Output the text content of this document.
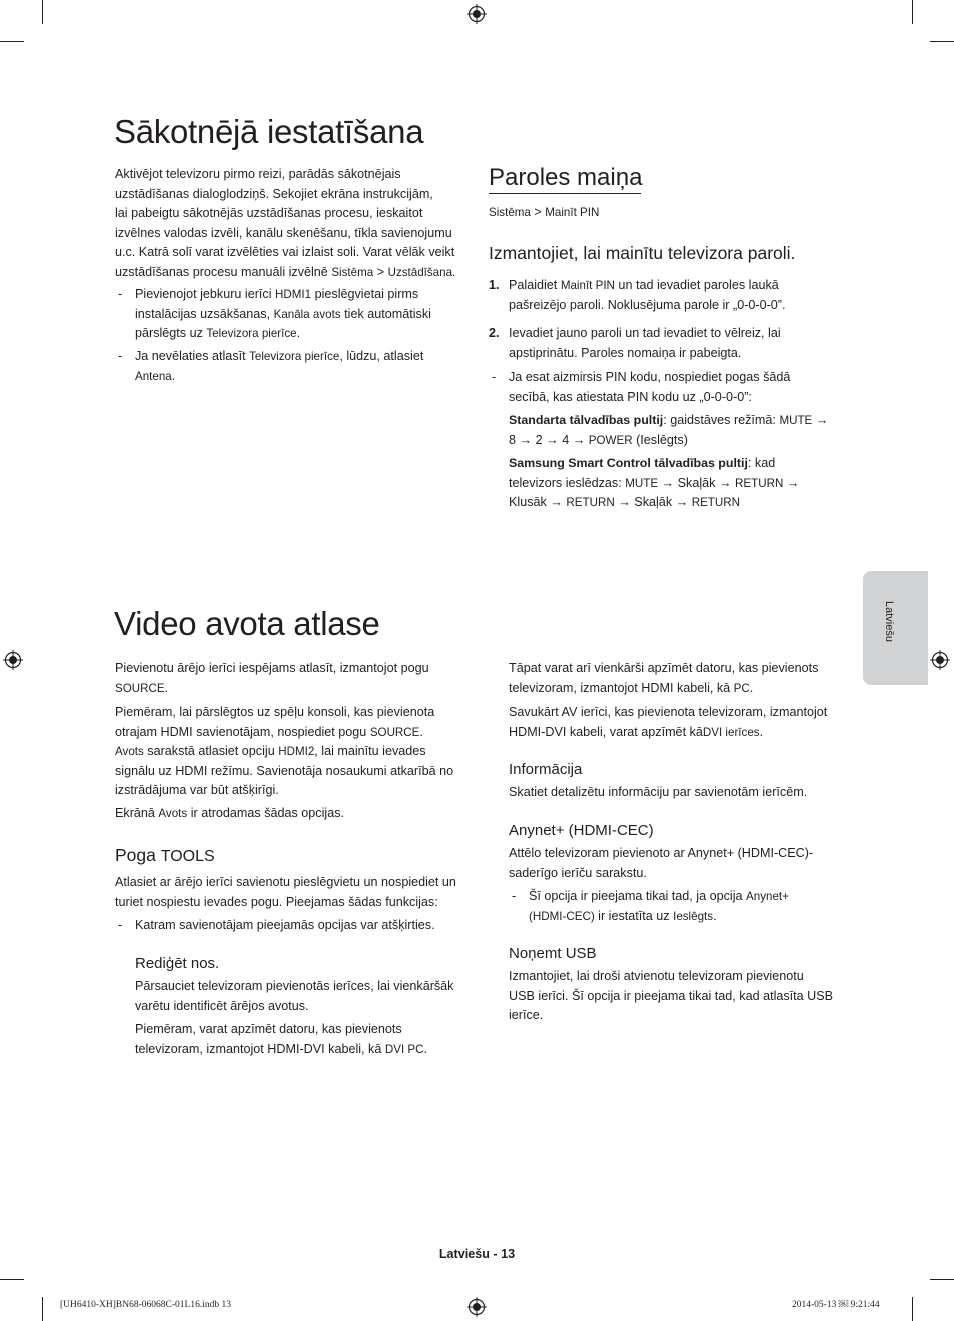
Latviešu
Sākotnējā iestatīšana
Aktivējot televizoru pirmo reizi, parādās sākotnējais
uzstādīšanas dialoglodziņš. Sekojiet ekrāna instrukcijām,
lai pabeigtu sākotnējās uzstādīšanas procesu, ieskaitot
izvēlnes valodas izvēli, kanālu skenēšanu, tīkla savienojumu
u.c. Katrā solī varat izvēlēties vai izlaist soli. Varat vēlāk veikt
uzstādīšanas procesu manuāli izvēlnē Sistēma > Uzstādīšana.
- Pievienojot jebkuru ierīci HDMI1 pieslēgvietai pirms
instalācijas uzsākšanas, Kanāla avots tiek automātiski
pārslēgts uz Televizora pierīce.
- Ja nevēlaties atlasīt Televizora pierīce, lūdzu, atlasiet
Antena.
Paroles maiņa
Sistēma > Mainīt PIN
Izmantojiet, lai mainītu televizora paroli.
1. Palaidiet Mainīt PIN un tad ievadiet paroles laukā
pašreizējo paroli. Noklusējuma parole ir „0-0-0-0”.
2. Ievadiet jauno paroli un tad ievadiet to vēlreiz, lai
apstiprinātu. Paroles nomaiņa ir pabeigta.
- Ja esat aizmirsis PIN kodu, nospiediet pogas šādā
secībā, kas atiestata PIN kodu uz „0-0-0-0”:
Standarta tālvadības pultij: gaidstāves režīmā: MUTE →
8 → 2 → 4 → POWER (Ieslēgts)
Samsung Smart Control tālvadības pultij: kad
televizors ieslēdzas: MUTE → Skaļāk → RETURN →
Klusāk → RETURN → Skaļāk → RETURN
Video avota atlase
Pievienotu ārējo ierīci iespējams atlasīt, izmantojot pogu
SOURCE.
Piemēram, lai pārslēgtos uz spēļu konsoli, kas pievienota
otrajam HDMI savienotājam, nospiediet pogu SOURCE.
Avots sarakstā atlasiet opciju HDMI2, lai mainītu ievades
signālu uz HDMI režīmu. Savienotāja nosaukumi atkarībā no
izstrādājuma var būt atšķirīgi.
Ekrānā Avots ir atrodamas šādas opcijas.
Poga TOOLS
Atlasiet ar ārējo ierīci savienotu pieslēgvietu un nospiediet un
turiet nospiestu ievades pogu. Pieejamas šādas funkcijas:
- Katram savienotājam pieejamās opcijas var atšķirties.
Rediģēt nos.
Pārsauciet televizoram pievienotās ierīces, lai vienkāršāk
varētu identificēt ārējos avotus.
Piemēram, varat apzīmēt datoru, kas pievienots
televizoram, izmantojot HDMI-DVI kabeli, kā DVI PC.
Tāpat varat arī vienkārši apzīmēt datoru, kas pievienots
televizoram, izmantojot HDMI kabeli, kā PC.
Savukārt AV ierīci, kas pievienota televizoram, izmantojot
HDMI-DVI kabeli, varat apzīmēt kāDVI ierīces.
Informācija
Skatiet detalizētu informāciju par savienotām ierīcēm.
Anynet+ (HDMI-CEC)
Attēlo televizoram pievienoto ar Anynet+ (HDMI-CEC)-
saderīgo ierīču sarakstu.
- Šī opcija ir pieejama tikai tad, ja opcija Anynet+
(HDMI-CEC) ir iestatīta uz Ieslēgts.
Noņemt USB
Izmantojiet, lai droši atvienotu televizoram pievienotu
USB ierīci. Šī opcija ir pieejama tikai tad, kad atlasīta USB
ierīce.
Latviešu - 13
[UH6410-XH]BN68-06068C-01L16.indb 13	2014-05-13 ￼ 9:21:44
